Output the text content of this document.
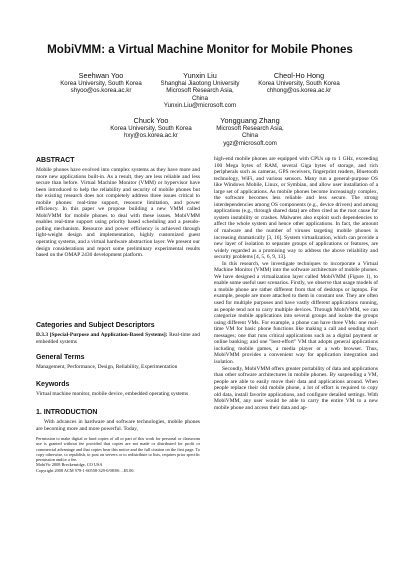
MobiVMM: a Virtual Machine Monitor for Mobile Phones
Seehwan Yoo
Korea University, South Korea
shyoo@os.korea.ac.kr
Yunxin Liu
Shanghai Jiaotong University
Microsoft Research Asia,
China
Yunxin.Liu@microsoft.com
Cheol-Ho Hong
Korea University, South Korea
chhong@os.korea.ac.kr
Chuck Yoo
Korea University, South Korea
hxy@os.korea.ac.kr
Yongguang Zhang
Microsoft Research Asia,
China
ygz@microsoft.com
ABSTRACT

Mobile phones have evolved into complex systems as they have more and more new applications built-in. As a result, they are less reliable and less secure than before. Virtual Machine Monitor (VMM) or hypervisor have been introduced to help the reliability and security of mobile phones but the existing research does not completely address three issues critical to mobile phones: real-time support, resource limitation, and power efficiency. In this paper we propose building a new VMM called MobiVMM for mobile phones to deal with these issues. MobiVMM enables real-time support using priority based scheduling and a pseudo-polling mechanism. Resource and power efficiency is achieved through light-weight design and implementation, highly customized guest operating systems, and a virtual hardware abstraction layer. We present our design considerations and report some preliminary experimental results based on the OMAP 2430 development platform.

Categories and Subject Descriptors

D.3.3 [Special-Purpose and Application-Based Systems]: Real-time and embedded systems

General Terms

Management, Performance, Design, Reliability, Experimentation

Keywords

Virtual machine monitor, mobile device, embedded operating systems

1. INTRODUCTION

With advances in hardware and software technologies, mobile phones are becoming more and more powerful. Today,

Permission to make digital or hard copies of all or part of this work for personal or classroom use is granted without fee provided that copies are not made or distributed for profit or commercial advantage and that copies bear this notice and the full citation on the first page. To copy otherwise, to republish, to post on servers or to redistribute to lists, requires prior specific permission and/or a fee.

MobiVir 2008 Breckenridge, CO USA

Copyright 2008 ACM 978-1-60558-329-0/08/06 ...$5.00.

high-end mobile phones are equipped with CPUs up to 1 GHz, exceeding 100 Mega bytes of RAM, several Giga bytes of storage, and rich peripherals such as cameras, GPS receivers, fingerprint readers, Bluetooth technology, WiFi, and various sensors. Many run a general-purpose OS like Windows Mobile, Linux, or Symbian, and allow user installation of a large set of applications. As mobile phones become increasingly complex, the software becomes less reliable and less secure. The strong interdependencies among OS components (e.g., device drivers) and among applications (e.g., through shared data) are often cited as the root cause for system instability or crashes. Malwares also exploit such dependencies to affect the whole system and hence other applications. In fact, the amount of malware and the number of viruses targeting mobile phones is increasing dramatically [3, 16]. System virtualization, which can provide a new layer of isolation to separate groups of applications or features, are widely regarded as a promising way to address the above reliability and security problems [4, 5, 6, 9, 13].

In this research, we investigate techniques to incorporate a Virtual Machine Monitor (VMM) into the software architecture of mobile phones. We have designed a virtualization layer called MobiVMM (Figure 1), to enable some useful user scenarios. Firstly, we observe that usage models of a mobile phone are rather different from that of desktops or laptops. For example, people are more attached to them in constant use. They are often used for multiple purposes and have vastly different applications running, as people tend not to carry multiple devices. Through MobiVMM, we can categorize mobile applications into several groups and isolate the groups using different VMs. For example, a phone can have three VMs: one real-time VM for basic phone functions like making a call and sending short messages; one that runs critical applications such as a digital payment or online banking; and one "best-effort" VM that adopts general applications including mobile games, a media player or a web browser. Thus, MobiVMM provides a convenient way for application integration and isolation.

Secondly, MobiVMM offers greater portability of data and applications than other software architectures in mobile phones. By suspending a VM, people are able to easily move their data and applications around. When people replace their old mobile phone, a lot of effort is required to copy old data, install favorite applications, and configure detailed settings. With MobiVMM, any user would be able to carry the entire VM to a new mobile phone and access their data and ap-
